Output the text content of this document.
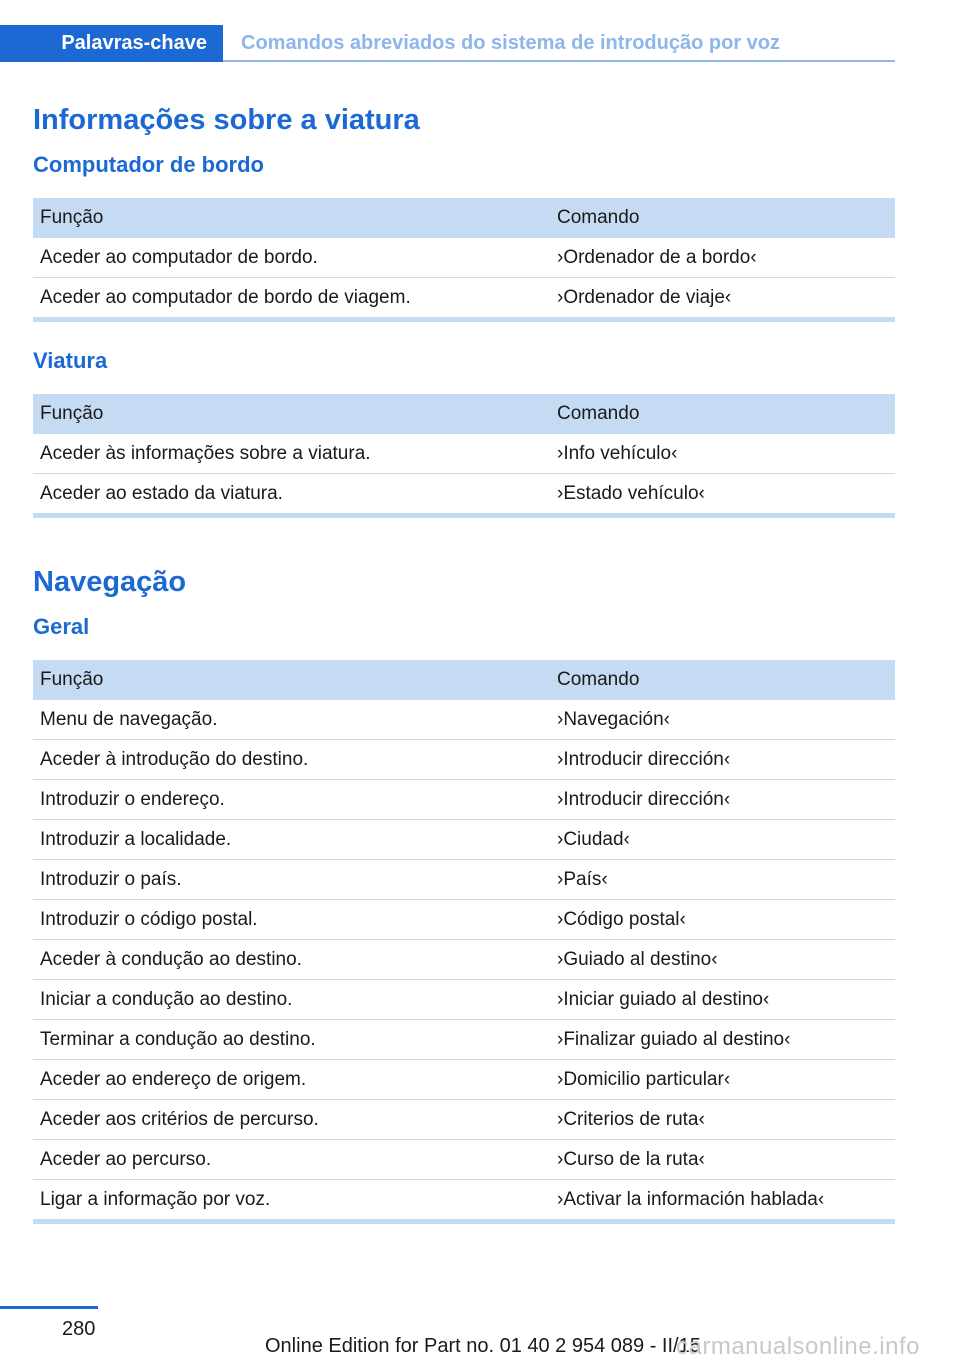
Palavras-chave	Comandos abreviados do sistema de introdução por voz
Informações sobre a viatura
Computador de bordo
Função	Comando
Aceder ao computador de bordo.	›Ordenador de a bordo‹
Aceder ao computador de bordo de viagem.	›Ordenador de viaje‹
Viatura
Função	Comando
Aceder às informações sobre a viatura.	›Info vehículo‹
Aceder ao estado da viatura.	›Estado vehículo‹
Navegação
Geral
Função	Comando
Menu de navegação.	›Navegación‹
Aceder à introdução do destino.	›Introducir dirección‹
Introduzir o endereço.	›Introducir dirección‹
Introduzir a localidade.	›Ciudad‹
Introduzir o país.	›País‹
Introduzir o código postal.	›Código postal‹
Aceder à condução ao destino.	›Guiado al destino‹
Iniciar a condução ao destino.	›Iniciar guiado al destino‹
Terminar a condução ao destino.	›Finalizar guiado al destino‹
Aceder ao endereço de origem.	›Domicilio particular‹
Aceder aos critérios de percurso.	›Criterios de ruta‹
Aceder ao percurso.	›Curso de la ruta‹
Ligar a informação por voz.	›Activar la información hablada‹
280
Online Edition for Part no. 01 40 2 954 089 - II/15
carmanualsonline.info
